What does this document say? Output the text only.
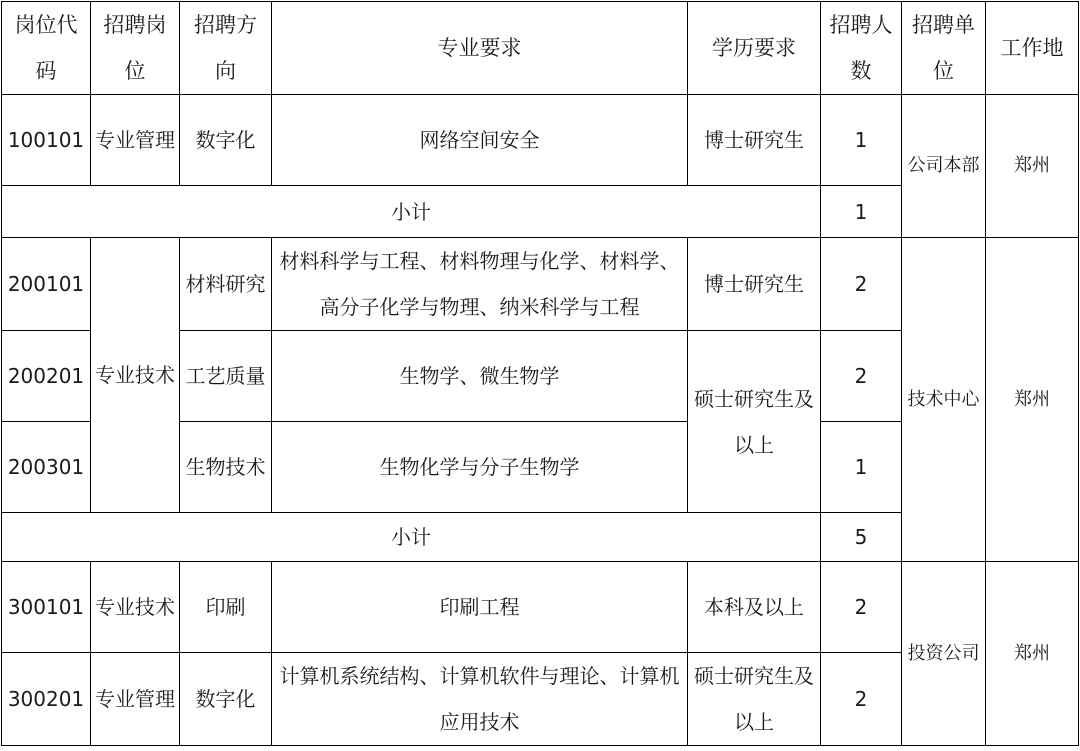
岗位代码	招聘岗位	招聘方向	专业要求	学历要求	招聘人数	招聘单位	工作地

100101	专业管理	数字化	网络空间安全	博士研究生	1	公司本部	郑州

小计					1		

200101	专业技术	材料研究	材料科学与工程、材料物理与化学、材料学、高分子化学与物理、纳米科学与工程	博士研究生	2	技术中心	郑州

200201		工艺质量	生物学、微生物学	硕士研究生及以上	2		

200301		生物技术	生物化学与分子生物学		1		

小计					5		

300101	专业技术	印刷	印刷工程	本科及以上	2	投资公司	郑州

300201	专业管理	数字化	计算机系统结构、计算机软件与理论、计算机应用技术	硕士研究生及以上	2		
